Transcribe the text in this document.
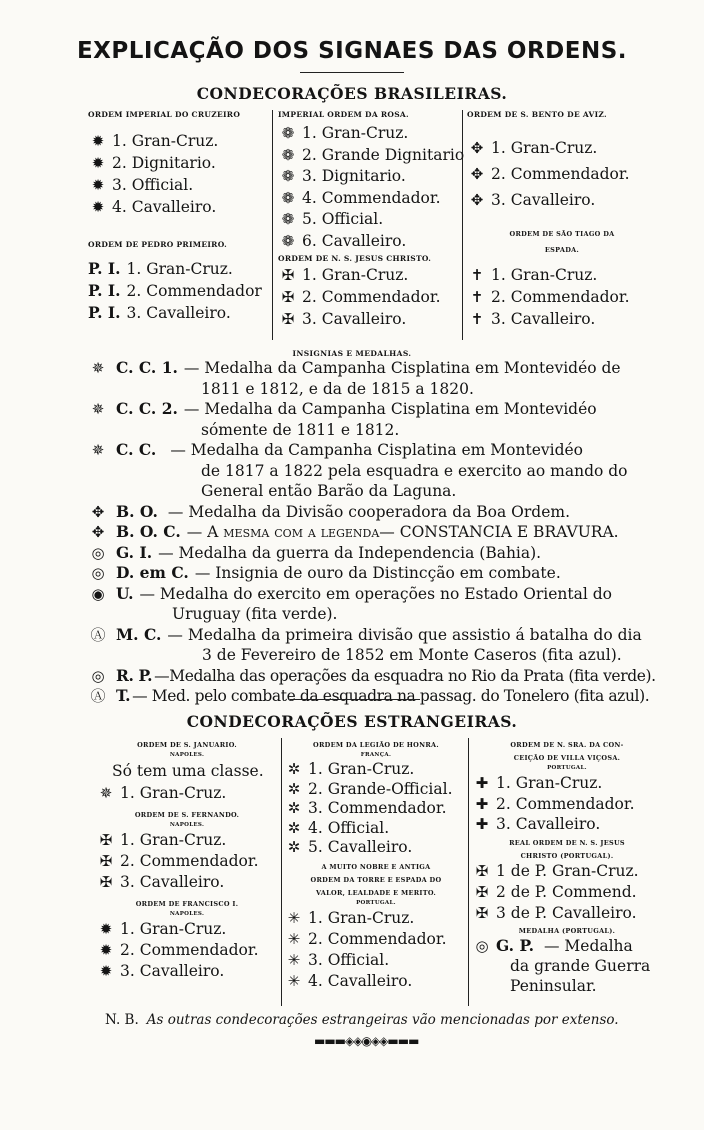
EXPLICAÇÃO DOS SIGNAES DAS ORDENS.
CONDECORAÇÕES BRASILEIRAS.
ORDEM IMPERIAL DO CRUZEIRO
✹ 1. Gran-Cruz.
✹ 2. Dignitario.
✹ 3. Official.
✹ 4. Cavalleiro.
ORDEM DE PEDRO PRIMEIRO.
P. I. 1. Gran-Cruz.
P. I. 2. Commendador
P. I. 3. Cavalleiro.
IMPERIAL ORDEM DA ROSA.
❁ 1. Gran-Cruz.
❁ 2. Grande Dignitario
❁ 3. Dignitario.
❁ 4. Commendador.
❁ 5. Official.
❁ 6. Cavalleiro.
ORDEM DE N. S. JESUS CHRISTO.
✠ 1. Gran-Cruz.
✠ 2. Commendador.
✠ 3. Cavalleiro.
ORDEM DE S. BENTO DE AVIZ.
✥ 1. Gran-Cruz.
✥ 2. Commendador.
✥ 3. Cavalleiro.
ORDEM DE SÃO TIAGO DA
ESPADA.
✝ 1. Gran-Cruz.
✝ 2. Commendador.
✝ 3. Cavalleiro.
INSIGNIAS E MEDALHAS.
✵ C. C. 1. — Medalha da Campanha Cisplatina em Montevidéo de
1811 e 1812, e da de 1815 a 1820.
✵ C. C. 2. — Medalha da Campanha Cisplatina em Montevidéo
sómente de 1811 e 1812.
✵ C. C. — Medalha da Campanha Cisplatina em Montevidéo
de 1817 a 1822 pela esquadra e exercito ao mando do
General então Barão da Laguna.
✥ B. O. — Medalha da Divisão cooperadora da Boa Ordem.
✥ B. O. C. — A mesma com a legenda— CONSTANCIA E BRAVURA.
◎ G. I. — Medalha da guerra da Independencia (Bahia).
◎ D. em C. — Insignia de ouro da Distincção em combate.
◉ U. — Medalha do exercito em operações no Estado Oriental do
Uruguay (fita verde).
Ⓐ M. C. — Medalha da primeira divisão que assistio á batalha do dia
3 de Fevereiro de 1852 em Monte Caseros (fita azul).
◎ R. P. —Medalha das operações da esquadra no Rio da Prata (fita verde).
Ⓐ T. — Med. pelo combate da esquadra na passag. do Tonelero (fita azul).
CONDECORAÇÕES ESTRANGEIRAS.
ORDEM DE S. JANUARIO.
NAPOLES.
Só tem uma classe.
✵ 1. Gran-Cruz.
ORDEM DE S. FERNANDO.
NAPOLES.
✠ 1. Gran-Cruz.
✠ 2. Commendador.
✠ 3. Cavalleiro.
ORDEM DE FRANCISCO I.
NAPOLES.
✹ 1. Gran-Cruz.
✹ 2. Commendador.
✹ 3. Cavalleiro.
ORDEM DA LEGIÃO DE HONRA.
FRANÇA.
✲ 1. Gran-Cruz.
✲ 2. Grande-Official.
✲ 3. Commendador.
✲ 4. Official.
✲ 5. Cavalleiro.
A MUITO NOBRE E ANTIGA
ORDEM DA TORRE E ESPADA DO
VALOR, LEALDADE E MERITO.
PORTUGAL.
✳ 1. Gran-Cruz.
✳ 2. Commendador.
✳ 3. Official.
✳ 4. Cavalleiro.
ORDEM DE N. SRA. DA CON-
CEIÇÃO DE VILLA VIÇOSA.
PORTUGAL.
✚ 1. Gran-Cruz.
✚ 2. Commendador.
✚ 3. Cavalleiro.
REAL ORDEM DE N. S. JESUS
CHRISTO (PORTUGAL).
✠ 1 de P. Gran-Cruz.
✠ 2 de P. Commend.
✠ 3 de P. Cavalleiro.
MEDALHA (PORTUGAL).
◎ G. P. — Medalha
da grande Guerra
Peninsular.
N. B. As outras condecorações estrangeiras vão mencionadas por extenso.
▬▬▬◈◈◉◈◈▬▬▬
